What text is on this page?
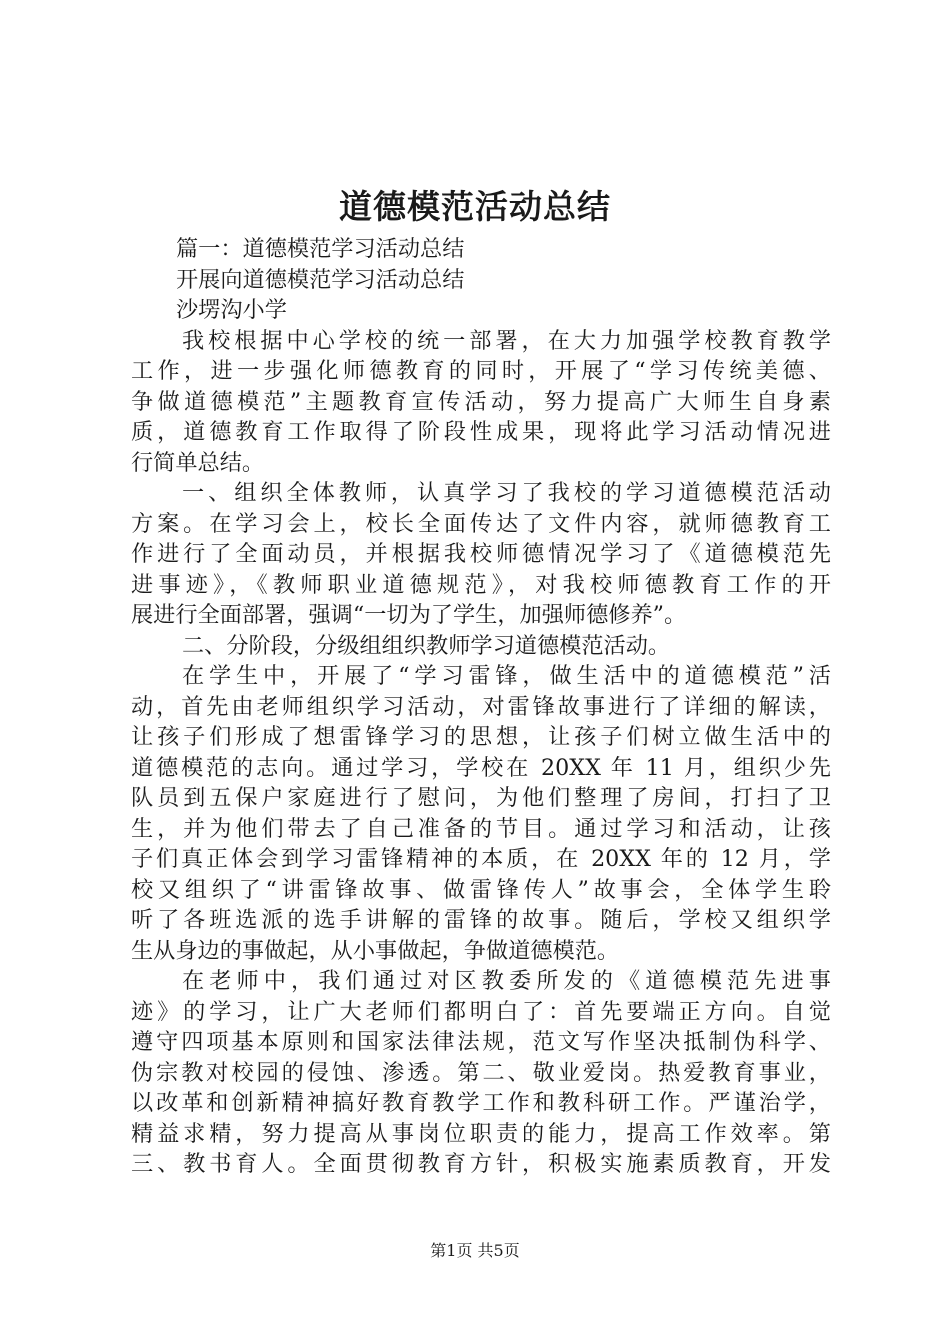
道德模范活动总结
篇一：道德模范学习活动总结
开展向道德模范学习活动总结
沙塄沟小学
我校根据中心学校的统一部署，在大力加强学校教育教学
工作，进一步强化师德教育的同时，开展了“学习传统美德、
争做道德模范”主题教育宣传活动，努力提高广大师生自身素
质，道德教育工作取得了阶段性成果，现将此学习活动情况进
行简单总结。
一、组织全体教师，认真学习了我校的学习道德模范活动
方案。在学习会上，校长全面传达了文件内容，就师德教育工
作进行了全面动员，并根据我校师德情况学习了《道德模范先
进事迹》，《教师职业道德规范》，对我校师德教育工作的开
展进行全面部署，强调“一切为了学生，加强师德修养”。
二、分阶段，分级组组织教师学习道德模范活动。
在学生中，开展了“学习雷锋，做生活中的道德模范”活
动，首先由老师组织学习活动，对雷锋故事进行了详细的解读，
让孩子们形成了想雷锋学习的思想，让孩子们树立做生活中的
道德模范的志向。通过学习，学校在 20XX 年 11 月，组织少先
队员到五保户家庭进行了慰问，为他们整理了房间，打扫了卫
生，并为他们带去了自己准备的节目。通过学习和活动，让孩
子们真正体会到学习雷锋精神的本质，在 20XX 年的 12 月，学
校又组织了“讲雷锋故事、做雷锋传人”故事会，全体学生聆
听了各班选派的选手讲解的雷锋的故事。随后，学校又组织学
生从身边的事做起，从小事做起，争做道德模范。
在老师中，我们通过对区教委所发的《道德模范先进事
迹》的学习，让广大老师们都明白了：首先要端正方向。自觉
遵守四项基本原则和国家法律法规，范文写作坚决抵制伪科学、
伪宗教对校园的侵蚀、渗透。第二、敬业爱岗。热爱教育事业，
以改革和创新精神搞好教育教学工作和教科研工作。严谨治学，
精益求精，努力提高从事岗位职责的能力，提高工作效率。第
三、教书育人。全面贯彻教育方针，积极实施素质教育，开发
第1页 共5页
